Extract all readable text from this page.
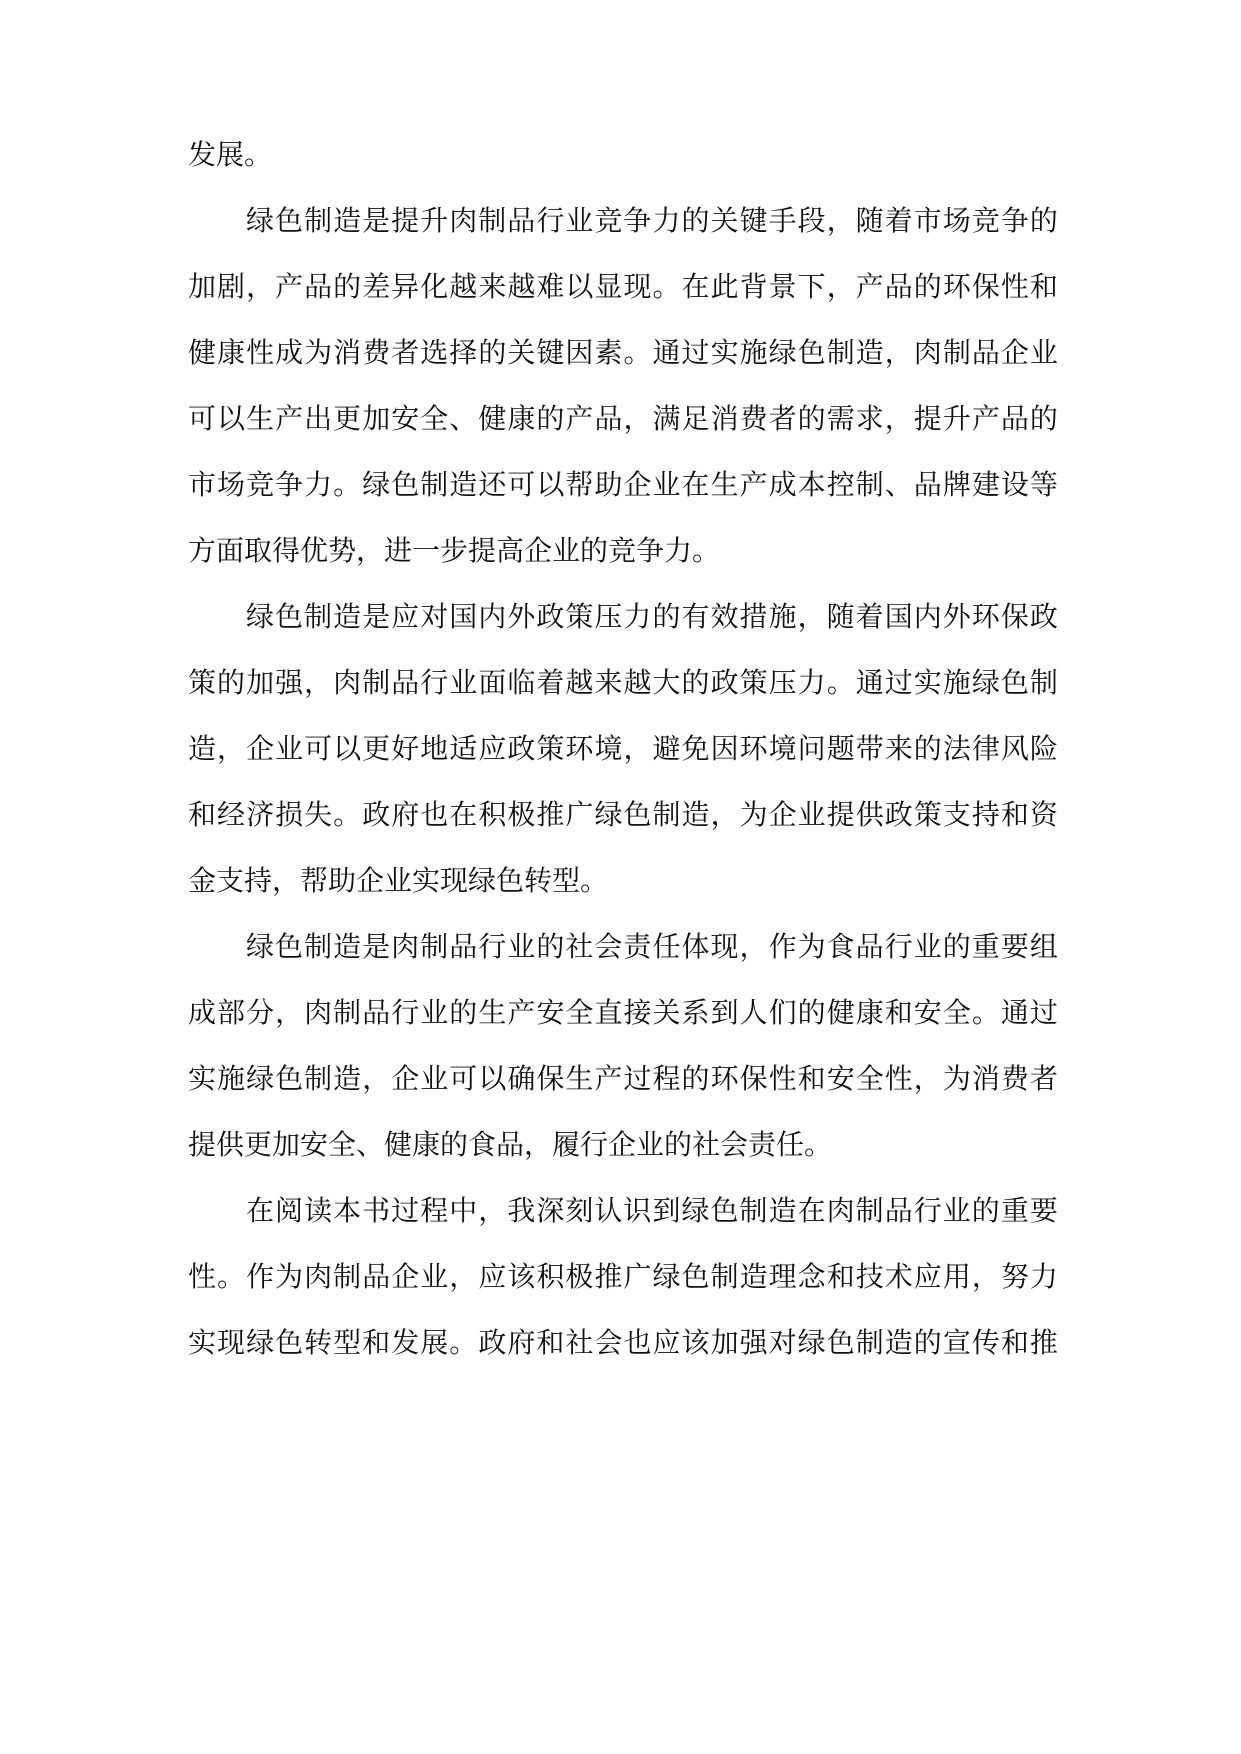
发展。
绿 色 制 造 是 提 升 肉 制 品 行 业 竞 争 力 的 关 键 手 段 ， 随 着 市 场 竞 争 的
加 剧 ， 产 品 的 差 异 化 越 来 越 难 以 显 现 。 在 此 背 景 下 ， 产 品 的 环 保 性 和
健 康 性 成 为 消 费 者 选 择 的 关 键 因 素 。 通 过 实 施 绿 色 制 造 ， 肉 制 品 企 业
可 以 生 产 出 更 加 安 全 、 健 康 的 产 品 ， 满 足 消 费 者 的 需 求 ， 提 升 产 品 的
市 场 竞 争 力 。 绿 色 制 造 还 可 以 帮 助 企 业 在 生 产 成 本 控 制 、 品 牌 建 设 等
方面取得优势，进一步提高企业的竞争力。
绿 色 制 造 是 应 对 国 内 外 政 策 压 力 的 有 效 措 施 ， 随 着 国 内 外 环 保 政
策 的 加 强 ， 肉 制 品 行 业 面 临 着 越 来 越 大 的 政 策 压 力 。 通 过 实 施 绿 色 制
造 ， 企 业 可 以 更 好 地 适 应 政 策 环 境 ， 避 免 因 环 境 问 题 带 来 的 法 律 风 险
和 经 济 损 失 。 政 府 也 在 积 极 推 广 绿 色 制 造 ， 为 企 业 提 供 政 策 支 持 和 资
金支持，帮助企业实现绿色转型。
绿 色 制 造 是 肉 制 品 行 业 的 社 会 责 任 体 现 ， 作 为 食 品 行 业 的 重 要 组
成 部 分 ， 肉 制 品 行 业 的 生 产 安 全 直 接 关 系 到 人 们 的 健 康 和 安 全 。 通 过
实 施 绿 色 制 造 ， 企 业 可 以 确 保 生 产 过 程 的 环 保 性 和 安 全 性 ， 为 消 费 者
提供更加安全、健康的食品，履行企业的社会责任。
在 阅 读 本 书 过 程 中 ， 我 深 刻 认 识 到 绿 色 制 造 在 肉 制 品 行 业 的 重 要
性 。 作 为 肉 制 品 企 业 ， 应 该 积 极 推 广 绿 色 制 造 理 念 和 技 术 应 用 ， 努 力
实 现 绿 色 转 型 和 发 展 。 政 府 和 社 会 也 应 该 加 强 对 绿 色 制 造 的 宣 传 和 推
